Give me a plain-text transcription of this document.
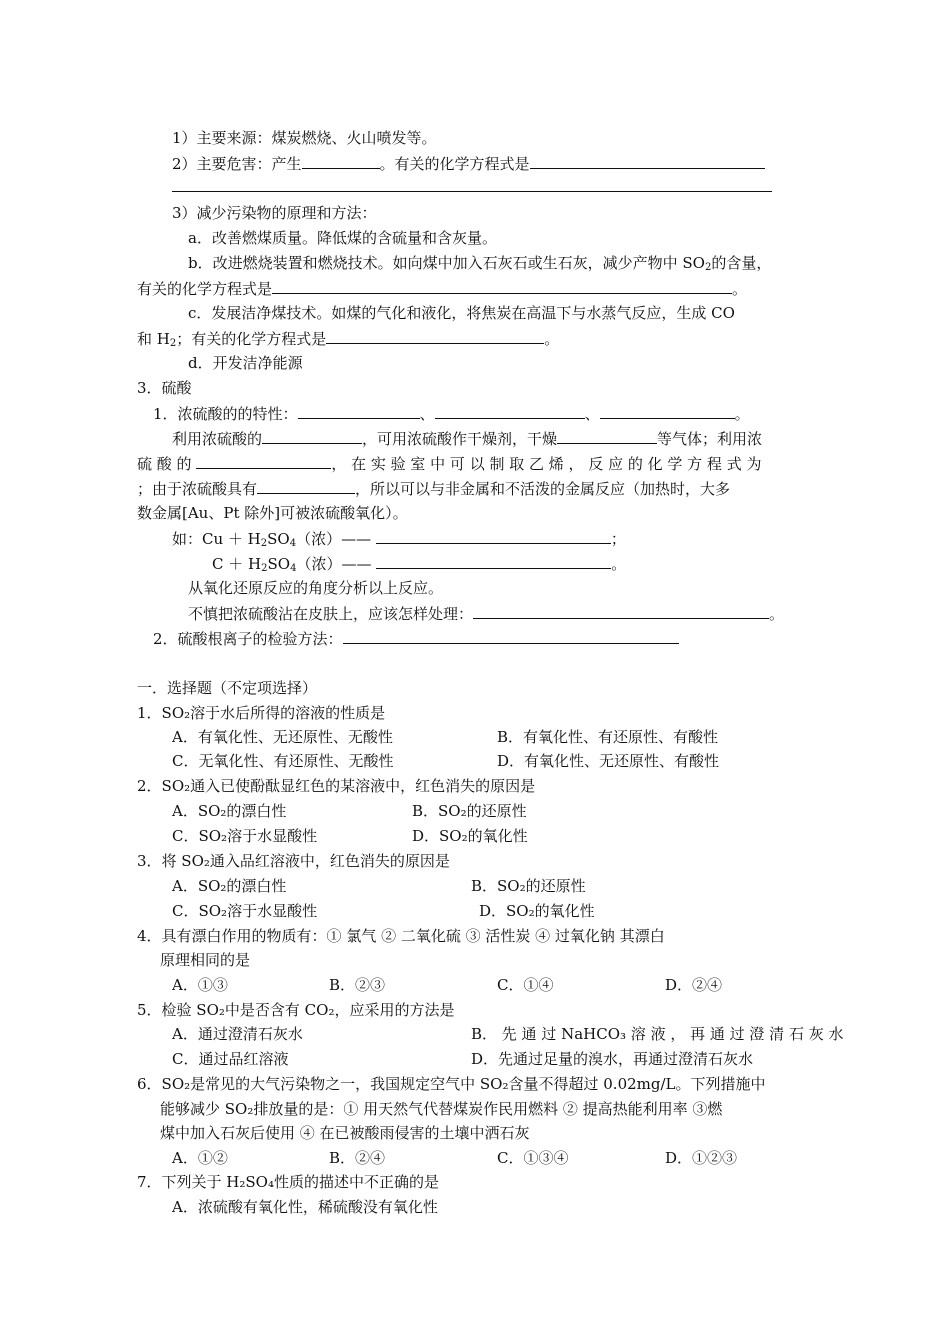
1）主要来源：煤炭燃烧、火山喷发等。
2）主要危害：产生	。有关的化学方程式是
3）减少污染物的原理和方法：
a．改善燃煤质量。降低煤的含硫量和含灰量。
b．改进燃烧装置和燃烧技术。如向煤中加入石灰石或生石灰，减少产物中 $SO_2$的含量，
有关的化学方程式是	。
c．发展洁净煤技术。如煤的气化和液化，将焦炭在高温下与水蒸气反应，生成 CO
和 $H_2$；有关的化学方程式是	。
d．开发洁净能源
3．硫酸
1．浓硫酸的的特性：	、	、	。
利用浓硫酸的	，可用浓硫酸作干燥剂，干燥	等气体；利用浓
硫 酸 的	， 在 实 验 室 中 可 以 制 取 乙 烯 ， 反 应 的 化 学 方 程 式 为
；由于浓硫酸具有	，所以可以与非金属和不活泼的金属反应（加热时，大多
数金属[Au、Pt 除外]可被浓硫酸氧化）。
如：$Cu + H_2SO_4$（浓）——	；
$C + H_2SO_4$（浓）——	。
从氧化还原反应的角度分析以上反应。
不慎把浓硫酸沾在皮肤上，应该怎样处理：	。
2．硫酸根离子的检验方法：
一．选择题（不定项选择）
1．SO₂溶于水后所得的溶液的性质是
A．有氧化性、无还原性、无酸性	B．有氧化性、有还原性、有酸性
C．无氧化性、有还原性、无酸性	D．有氧化性、无还原性、有酸性
2．SO₂通入已使酚酞显红色的某溶液中，红色消失的原因是
A．SO₂的漂白性	B．SO₂的还原性
C．SO₂溶于水显酸性	D．SO₂的氧化性
3．将 SO₂通入品红溶液中，红色消失的原因是
A．SO₂的漂白性	B．SO₂的还原性
C．SO₂溶于水显酸性	D．SO₂的氧化性
4．具有漂白作用的物质有：① 氯气 ② 二氧化硫 ③ 活性炭 ④ 过氧化钠 其漂白
原理相同的是
A．①③	B．②③	C．①④	D．②④
5．检验 SO₂中是否含有 CO₂，应采用的方法是
A．通过澄清石灰水	B． 先 通 过 NaHCO₃ 溶 液 ， 再 通 过 澄 清 石 灰 水
C．通过品红溶液	D．先通过足量的溴水，再通过澄清石灰水
6．SO₂是常见的大气污染物之一，我国规定空气中 SO₂含量不得超过 0.02mg/L。下列措施中
能够减少 SO₂排放量的是：① 用天然气代替煤炭作民用燃料 ② 提高热能利用率 ③燃
煤中加入石灰后使用 ④ 在已被酸雨侵害的土壤中洒石灰
A．①②	B．②④	C．①③④	D．①②③
7．下列关于 H₂SO₄性质的描述中不正确的是
A．浓硫酸有氧化性，稀硫酸没有氧化性
